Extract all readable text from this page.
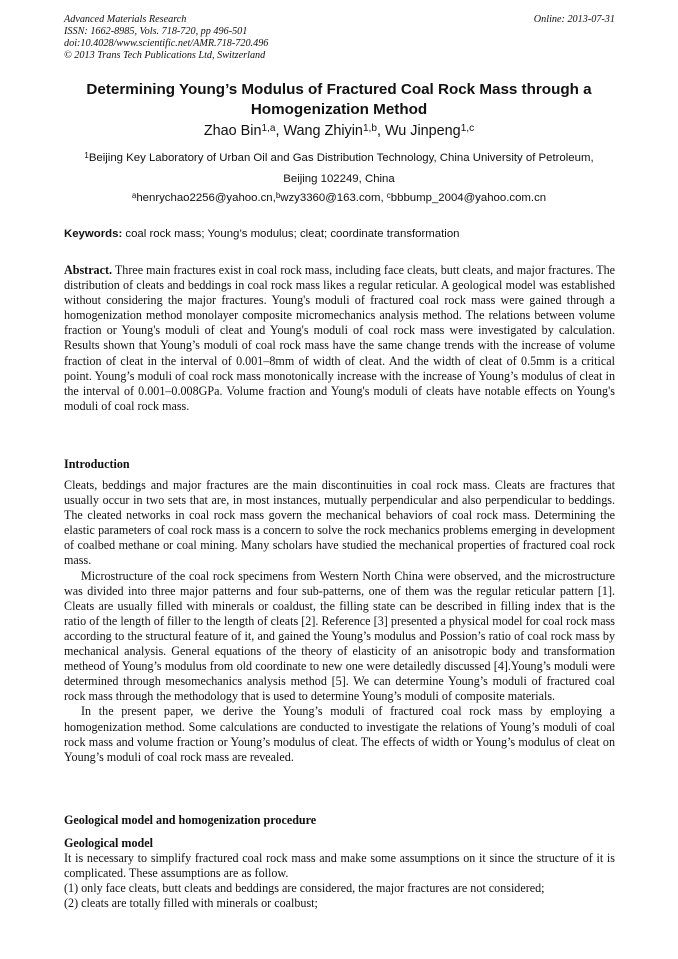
Advanced Materials Research
ISSN: 1662-8985, Vols. 718-720, pp 496-501
doi:10.4028/www.scientific.net/AMR.718-720.496
© 2013 Trans Tech Publications Ltd, Switzerland
Online: 2013-07-31
Determining Young’s Modulus of Fractured Coal Rock Mass through a Homogenization Method
Zhao Bin$^{1,a}$, Wang Zhiyin$^{1,b}$, Wu Jinpeng$^{1,c}$
$^1$Beijing Key Laboratory of Urban Oil and Gas Distribution Technology, China University of Petroleum, Beijing 102249, China
$^a$henrychao2256@yahoo.cn,$^b$wzy3360@163.com, $^c$bbbump_2004@yahoo.com.cn
Keywords: coal rock mass; Young’s modulus; cleat; coordinate transformation
Abstract. Three main fractures exist in coal rock mass, including face cleats, butt cleats, and major fractures. The distribution of cleats and beddings in coal rock mass likes a regular reticular. A geological model was established without considering the major fractures. Young's moduli of fractured coal rock mass were gained through a homogenization method monolayer composite micromechanics analysis method. The relations between volume fraction or Young's moduli of cleat and Young's moduli of coal rock mass were investigated by calculation. Results shown that Young’s moduli of coal rock mass have the same change trends with the increase of volume fraction of cleat in the interval of 0.001–8mm of width of cleat. And the width of cleat of 0.5mm is a critical point. Young’s moduli of coal rock mass monotonically increase with the increase of Young’s modulus of cleat in the interval of 0.001–0.008GPa. Volume fraction and Young's moduli of cleats have notable effects on Young's moduli of coal rock mass.
Introduction

Cleats, beddings and major fractures are the main discontinuities in coal rock mass. Cleats are fractures that usually occur in two sets that are, in most instances, mutually perpendicular and also perpendicular to beddings. The cleated networks in coal rock mass govern the mechanical behaviors of coal rock mass. Determining the elastic parameters of coal rock mass is a concern to solve the rock mechanics problems emerging in development of coalbed methane or coal mining. Many scholars have studied the mechanical properties of fractured coal rock mass.

Microstructure of the coal rock specimens from Western North China were observed, and the microstructure was divided into three major patterns and four sub-patterns, one of them was the regular reticular pattern [1]. Cleats are usually filled with minerals or coaldust, the filling state can be described in filling index that is the ratio of the length of filler to the length of cleats [2]. Reference [3] presented a physical model for coal rock mass according to the structural feature of it, and gained the Young’s modulus and Possion’s ratio of coal rock mass by mechanical analysis. General equations of the theory of elasticity of an anisotropic body and transformation metheod of Young’s modulus from old coordinate to new one were detailedly discussed [4].Young’s moduli were determined through mesomechanics analysis method [5]. We can determine Young’s moduli of fractured coal rock mass through the methodology that is used to determine Young’s moduli of composite materials.

In the present paper, we derive the Young’s moduli of fractured coal rock mass by employing a homogenization method. Some calculations are conducted to investigate the relations of Young’s moduli of coal rock mass and volume fraction or Young’s modulus of cleat. The effects of width or Young’s modulus of cleat on Young’s moduli of coal rock mass are revealed.

Geological model and homogenization procedure
Geological model

It is necessary to simplify fractured coal rock mass and make some assumptions on it since the structure of it is complicated. These assumptions are as follow.

(1) only face cleats, butt cleats and beddings are considered, the major fractures are not considered;

(2) cleats are totally filled with minerals or coalbust;
